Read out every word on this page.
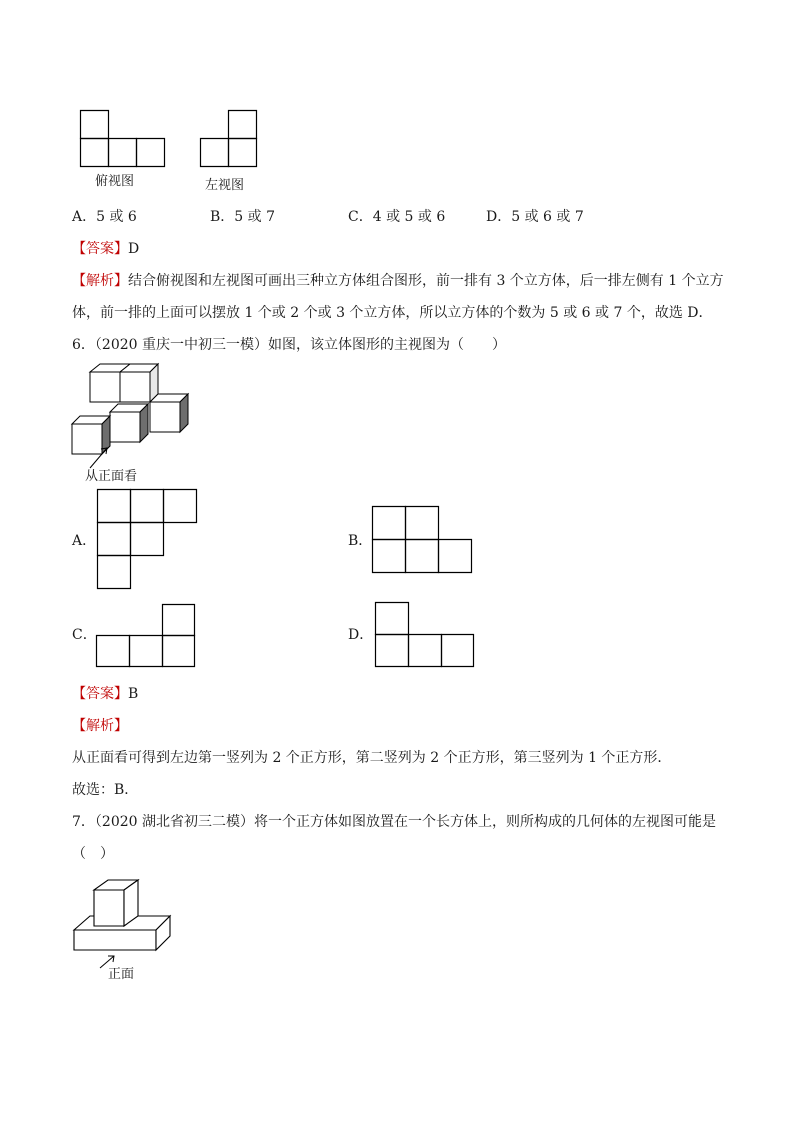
俯视图	左视图
A．5 或 6	B．5 或 7	C．4 或 5 或 6	D．5 或 6 或 7
【答案】D
【解析】结合俯视图和左视图可画出三种立方体组合图形，前一排有 3 个立方体，后一排左侧有 1 个立方
体，前一排的上面可以摆放 1 个或 2 个或 3 个立方体，所以立方体的个数为 5 或 6 或 7 个，故选 D．
6．（2020 重庆一中初三一模）如图，该立体图形的主视图为（　　）
从正面看
A．	B．
C．	D．
【答案】B
【解析】
从正面看可得到左边第一竖列为 2 个正方形，第二竖列为 2 个正方形，第三竖列为 1 个正方形．
故选：B．
7．（2020 湖北省初三二模）将一个正方体如图放置在一个长方体上，则所构成的几何体的左视图可能是
（　）
正面
